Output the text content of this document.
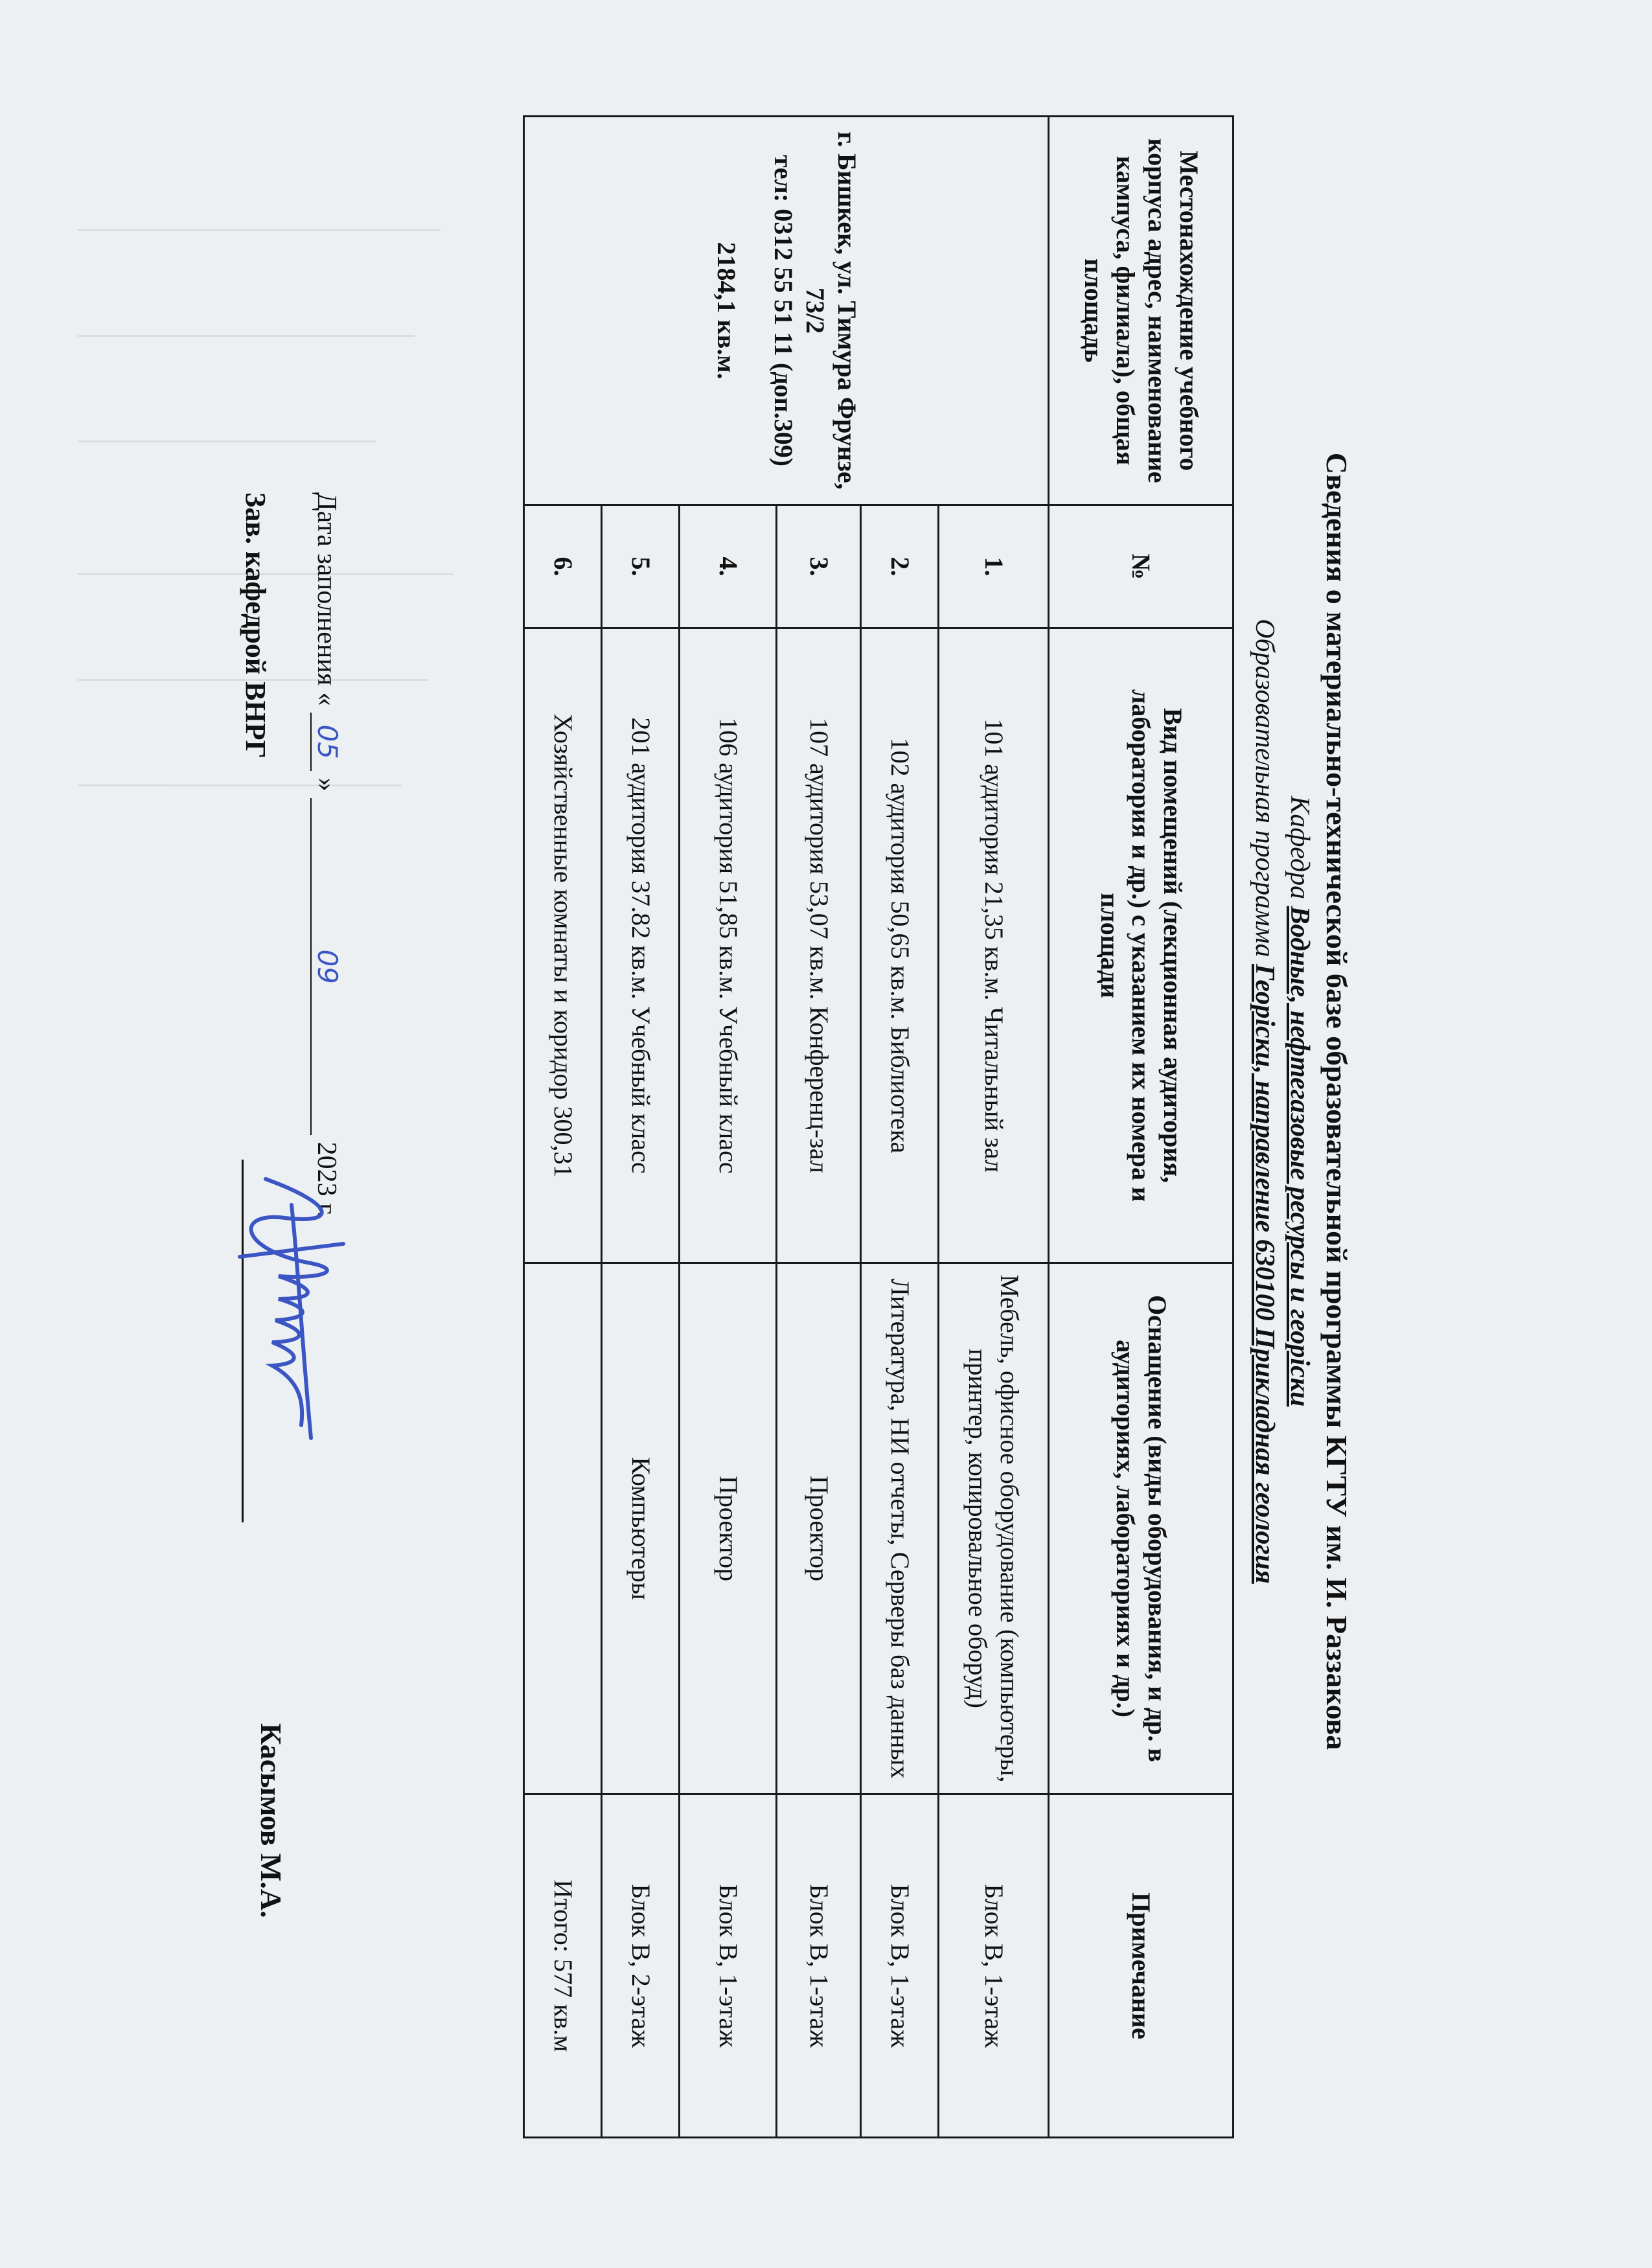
Сведения о материально-технической базе образовательной программы КГТУ им. И. Раззакова
Кафедра Водные, нефтегазовые ресурсы и георiски
Образовательная программа Георiски, направление 630100 Прикладная геология
Местонахождение учебного корпуса адрес, наименование кампуса, филиала), общая площадь	№	Вид помещений (лекционная аудитория, лаборатория и др.) с указанием их номера и площади	Оснащение (виды оборудования, и др. в аудиториях, лабораториях и др.)	Примечание

г. Бишкек, ул. Тимура Фрунзе, 73/2

тел: 0312 55 51 11 (доп.309)

2184,1 кв.м.	1.	101 аудитория 21,35 кв.м. Читальный зал	Мебель, офисное оборудование (компьютеры, принтер, копировальное оборуд)	Блок В, 1-этаж
	2.	102 аудитория 50,65 кв.м. Библиотека	Литература, НИ отчеты, Серверы баз данных	Блок В, 1-этаж
	3.	107 аудитория 53,07 кв.м. Конференц-зал	Проектор	Блок В, 1-этаж
	4.	106 аудитория 51,85 кв.м. Учебный класс	Проектор	Блок В, 1-этаж
	5.	201 аудитория 37.82 кв.м. Учебный класс	Компьютеры	Блок В, 2-этаж
	6.	Хозяйственные комнаты и коридор 300,31		Итого: 577 кв.м
Дата заполнения « 05 » 09 2023 г.
Зав. кафедрой ВНРГ
Касымов М.А.
